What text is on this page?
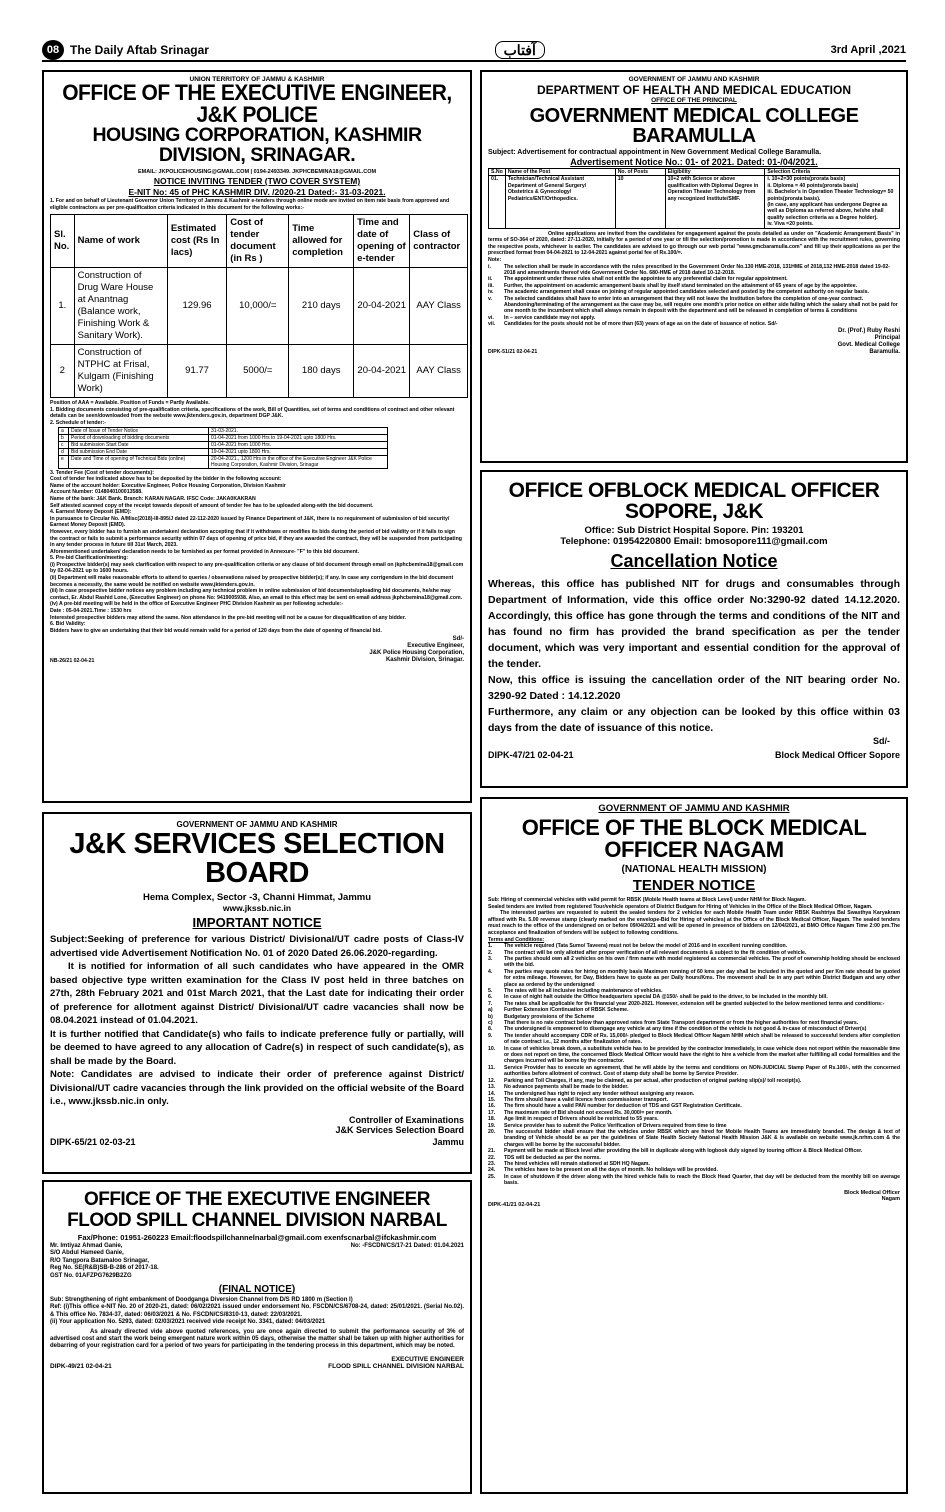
08 The Daily Aftab Srinagar	آفتاب	3rd April ,2021
UNION TERRITORY OF JAMMU & KASHMIR
OFFICE OF THE EXECUTIVE ENGINEER, J&K POLICE
HOUSING CORPORATION, KASHMIR DIVISION, SRINAGAR.
EMAIL: JKPOLICEHOUSING@GMAIL.COM | 0194-2493349. JKPHCBEMINA18@GMAIL.COM
NOTICE INVITING TENDER (TWO COVER SYSTEM)
E-NIT No: 45 of PHC KASHMIR DIV. /2020-21 Dated:- 31-03-2021.
1. For and on behalf of Lieutenant Governor Union Territory of Jammu & Kashmir e-tenders through online mode are invited on item rate basis from approved and eligible contractors as per pre-qualification criteria indicated in this document for the following works:-
Sl. No.	Name of work	Estimated cost (Rs In lacs)	Cost of tender document (in Rs )	Time allowed for completion	Time and date of opening of e-tender	Class of contractor
1.	Construction of Drug Ware House at Anantnag (Balance work, Finishing Work & Sanitary Work).	129.96	10,000/=	210 days	20-04-2021	AAY Class
2	Construction of NTPHC at Frisal, Kulgam (Finishing Work)	91.77	5000/=	180 days	20-04-2021	AAY Class
Position of AAA = Available. Position of Funds = Partly Available.
1. Bidding documents consisting of pre-qualification criteria, specifications of the work, Bill of Quantities, set of terms and conditions of contract and other relevant details can be seen/downloaded from the website www.jktenders.gov.in, department DGP J&K.
2. Schedule of tender:-
a	Date of Issue of Tender Notice	31-03-2021.
b	Period of downloading of bidding documents	01-04-2021 from 1000 Hrs to 19-04-2021 upto 1800 Hrs.
c	Bid submission Start Date	01-04-2021 from 1000 Hrs.
d	Bid submission End Date	19-04-2021 upto 1800 Hrs.
e	Date and Time of opening of Technical Bids (online)	20-04-2021., 1200 Hrs in the office of the Executive Engineer J&K Police Housing Corporation, Kashmir Division, Srinagar
3. Tender Fee (Cost of tender documents):
Cost of tender fee indicated above has to be deposited by the bidder in the following account:
Name of the account holder: Executive Engineer, Police Housing Corporation, Division Kashmir
Account Number: 0148040100013588.
Name of the bank: J&K Bank. Branch: KARAN NAGAR. IFSC Code: JAKA0KAKRAN
Self attested scanned copy of the receipt towards deposit of amount of tender fee has to be uploaded along-with the bid document.
4. Earnest Money Deposit (EMD):
In pursuance to Circular No. A/Misc(2018)-III-895/J dated 22-112-2020 issued by Finance Department of J&K, there is no requirement of submission of bid security/ Earnest Money Deposit (EMD).
However, every bidder has to furnish an undertaken/ declaration accepting that if it withdraws or modifies its bids during the period of bid validity or if it fails to sign the contract or fails to submit a performance security within 07 days of opening of price bid, if they are awarded the contract, they will be suspended from participating in any tender process in future till 31st March, 2023.
Aforementioned undertaken/ declaration needs to be furnished as per format provided in Annexure- "F" to this bid document.
5. Pre-bid Clarification/meeting:
(i) Prospective bidder(s) may seek clarification with respect to any pre-qualification criteria or any clause of bid document through email on jkphcbemina18@gmail.com by 02-04-2021 up to 1600 hours.
(ii) Department will make reasonable efforts to attend to queries / observations raised by prospective bidder(s); if any. In case any corrigendum in the bid document becomes a necessity, the same would be notified on website www.jktenders.gov.in.
(iii) In case prospective bidder notices any problem including any technical problem in online submission of bid documents/uploading bid documents, he/she may contact, Er. Abdul Rashid Lone, (Executive Engineer) on phone No: 9419005938. Also, an email to this effect may be sent on email address jkphcbemina18@gmail.com.
(iv) A pre-bid meeting will be held in the office of Executive Engineer PHC Division Kashmir as per following schedule:-
Date : 05-04-2021.Time : 1530 hrs
Interested prospective bidders may attend the same. Non attendance in the pre-bid meeting will not be a cause for disqualification of any bidder.
6. Bid Validity:
Bidders have to give an undertaking that their bid would remain valid for a period of 120 days from the date of opening of financial bid.
NB-26/21 02-04-21
Sd/-
Executive Engineer,
J&K Police Housing Corporation,
Kashmir Division, Srinagar.
GOVERNMENT OF JAMMU AND KASHMIR
DEPARTMENT OF HEALTH AND MEDICAL EDUCATION
OFFICE OF THE PRINCIPAL
GOVERNMENT MEDICAL COLLEGE BARAMULLA
Subject: Advertisement for contractual appointment in New Government Medical College Baramulla.
Advertisement Notice No.: 01- of 2021. Dated: 01-/04/2021.
S.No	Name of the Post	No. of Posts	Eligibility	Selection Criteria
01.	Technician/Technical Assistant Department of General Surgery/ Obstetrics & Gynecology/ Pediatrics/ENT/Orthopedics.	10	10+2 with Science or above qualification with Diploma/ Degree in Operation Theater Technology from any recognized Institute/SMF.	i. 10+2=30 points(prorata basis)
ii. Diploma = 40 points(prorata basis)
iii. Bachelor's in Operation Theater Technology= 50 points(prorata basis).
(In case, any applicant has undergone Degree as well as Diploma as referred above, he/she shall qualify selection criteria as a Degree holder).
iv. Viva =20 points.
Online applications are invited from the candidates for engagement against the posts detailed as under on "Academic Arrangement Basis" in terms of SO-364 of 2020, dated: 27-11-2020, initially for a period of one year or till the selection/promotion is made in accordance with the recruitment rules, governing the respective posts, whichever is earlier. The candidates are advised to go through our web portal "www.gmcbaramulla.com" and fill up their applications as per the prescribed format from 04-04-2021 to 12-04-2021 against portal fee of Rs.100/=.
Note:
i.	The selection shall be made in accordance with the rules prescribed in the Government Order No.130 HME-2018, 131HME of 2018,132 HME-2018 dated 19-02-2018 and amendments thereof vide Government Order No. 680-HME of 2018 dated 10-12-2018.
ii.	The appointment under these rules shall not entitle the appointee to any preferential claim for regular appointment.
iii.	Further, the appointment on academic arrangement basis shall by itself stand terminated on the attainment of 65 years of age by the appointee.
iv.	The academic arrangement shall cease on joining of regular appointed candidates selected and posted by the competent authority on regular basis.
v.	The selected candidates shall have to enter into an arrangement that they will not leave the Institution before the completion of one-year contract. Abandoning/terminating of the arrangement as the case may be, will require one month's prior notice on either side failing which the salary shall not be paid for one month to the incumbent which shall always remain in deposit with the department and will be released in completion of terms & conditions
vi.	In – service candidate may not apply.
vii.	Candidates for the posts should not be of more than (63) years of age as on the date of issuance of notice. Sd/-
DIPK-51/21 02-04-21
Dr. (Prof.) Ruby Reshi
Principal
Govt. Medical College
Baramulla.
OFFICE OFBLOCK MEDICAL OFFICER SOPORE, J&K
Office: Sub District Hospital Sopore. Pin: 193201
Telephone: 01954220800 Email: bmosopore111@gmail.com
Cancellation Notice
Whereas, this office has published NIT for drugs and consumables through Department of Information, vide this office order No:3290-92 dated 14.12.2020. Accordingly, this office has gone through the terms and conditions of the NIT and has found no firm has provided the brand specification as per the tender document, which was very important and essential condition for the approval of the tender.
Now, this office is issuing the cancellation order of the NIT bearing order No. 3290-92 Dated : 14.12.2020
Furthermore, any claim or any objection can be looked by this office within 03 days from the date of issuance of this notice.
Sd/-
DIPK-47/21 02-04-21	Block Medical Officer Sopore
GOVERNMENT OF JAMMU AND KASHMIR
J&K SERVICES SELECTION BOARD
Hema Complex, Sector -3, Channi Himmat, Jammu
www.jkssb.nic.in
IMPORTANT NOTICE
Subject:Seeking of preference for various District/ Divisional/UT cadre posts of Class-IV advertised vide Advertisement Notification No. 01 of 2020 Dated 26.06.2020-regarding.
It is notified for information of all such candidates who have appeared in the OMR based objective type written examination for the Class IV post held in three batches on 27th, 28th February 2021 and 01st March 2021, that the Last date for indicating their order of preference for allotment against District/ Divisional/UT cadre vacancies shall now be 08.04.2021 instead of 01.04.2021.
It is further notified that Candidate(s) who fails to indicate preference fully or partially, will be deemed to have agreed to any allocation of Cadre(s) in respect of such candidate(s), as shall be made by the Board.
Note: Candidates are advised to indicate their order of preference against District/ Divisional/UT cadre vacancies through the link provided on the official website of the Board i.e., www.jkssb.nic.in only.
Controller of Examinations
J&K Services Selection Board
DIPK-65/21 02-03-21	Jammu
OFFICE OF THE EXECUTIVE ENGINEER
FLOOD SPILL CHANNEL DIVISION NARBAL
Fax/Phone: 01951-260223 Email:floodspillchannelnarbal@gmail.com exenfscnarbal@ifckashmir.com
Mr. Imtiyaz Ahmad Ganie,
S/O Abdul Hameed Ganie,
R/O Tangpora Batamaloo Srinagar,
Reg No. SE(R&B)SB-B-286 of 2017-18.
GST No. 01AFZPG7629B2ZG
No: -FSCDN/CS/17-21 Dated: 01.04.2021
(FINAL NOTICE)
Sub: Strengthening of right embankment of Doodganga Diversion Channel from D/S RD 1800 m (Section I)
Ref: (i)This office e-NIT No. 20 of 2020-21, dated: 06/02/2021 issued under endorsement No. FSCDN/CS/6708-24, dated: 25/01/2021. (Serial No.02). & This office No. 7834-37, dated: 06/03/2021 & No. FSCDN/CS/8310-13, dated: 22/03/2021.
(ii) Your application No. 5293, dated: 02/03/2021 received vide receipt No. 3341, dated: 04/03/2021
As already directed vide above quoted references, you are once again directed to submit the performance security of 3% of advertised cost and start the work being emergent nature work within 05 days, otherwise the matter shall be taken up with higher authorities for debarring of your registration card for a period of two years for participating in the tendering process in this department, which may be noted.
EXECUTIVE ENGINEER
DIPK-49/21 02-04-21	FLOOD SPILL CHANNEL DIVISION NARBAL
GOVERNMENT OF JAMMU AND KASHMIR
OFFICE OF THE BLOCK MEDICAL OFFICER NAGAM
(NATIONAL HEALTH MISSION)
TENDER NOTICE
Sub: Hiring of commercial vehicles with valid permit for RBSK (Mobile Health teams at Block Level) under NHM for Block Nagam.
Sealed tenders are invited from registered Tour/vehicle operators of District Budgam for Hiring of Vehicles in the Office of the Block Medical Officer, Nagam.
The interested parties are requested to submit the sealed tenders for 2 vehicles for each Mobile Health Team under RBSK Rashtriya Bal Swasthya Karyakram affixed with Rs. 5.00 revenue stamp (clearly marked on the envelope-Bid for Hiring of vehicles) at the Office of the Block Medical Officer, Nagam. The sealed tenders must reach to the office of the undersigned on or before 09/04/2021 and will be opened in presence of bidders on 12/04/2021, at BMO Office Nagam Time 2:00 pm.The acceptance and finalization of tenders will be subject to following conditions.
Terms and Conditions:
1.	The vehicle required (Tata Sumo/ Taveera) must not be below the model of 2016 and in excellent running condition.
2.	The contract will be only allotted after proper verification of all relevant documents & subject to the fit condition of vehicle.
3.	The parties should own all 2 vehicles on his own / firm name with model registered as commercial vehicles. The proof of ownership holding should be enclosed with the bid.
4.	The parties may quote rates for hiring on monthly basis Maximum running of 60 kms per day shall be included in the quoted and per Km rate should be quoted for extra mileage. However, for Day, Bidders have to quote as per Daily hours/Kms. The movement shall be in any part within District Budgam and any other place as ordered by the undersigned
5.	The rates will be all inclusive including maintenance of vehicles.
6.	In case of night halt outside the Office headquarters special DA @150/- shall be paid to the driver, to be included in the monthly bill.
7.	The rates shall be applicable for the financial year 2020-2021. However, extension will be granted subjected to the below mentioned terms and conditions:-
a)	Further Extension /Continuation of RBSK Scheme.
b)	Budgetary provisions of the Scheme
c)	That there is no rate contract below than approved rates from State Transport department or from the higher authorities for next financial years.
8.	The undersigned is empowered to disengage any vehicle at any time if the condition of the vehicle is not good & in-case of misconduct of Driver(s)
9.	The tender should accompany CDR of Rs. 15,000/- pledged to Block Medical Officer Nagam NHM which shall be released to successful tenders after completion of rate contract i.e., 12 months after finalization of rates.
10.	In case of vehicles break down, a substitute vehicle has to be provided by the contractor immediately, in case vehicle does not report within the reasonable time or does not report on time, the concerned Block Medical Officer would have the right to hire a vehicle from the market after fulfilling all codal formalities and the charges incurred will be borne by the contractor.
11.	Service Provider has to execute an agreement, that he will abide by the terms and conditions on NON-JUDICIAL Stamp Paper of Rs.100/-, with the concerned authorities before allotment of contract. Cost of stamp duty shall be borne by Service Provider.
12.	Parking and Toll Charges, if any, may be claimed, as per actual, after production of original parking slip(s)/ toll receipt(s).
13.	No advance payments shall be made to the bidder.
14.	The undersigned has right to reject any tender without assigning any reason.
15.	The firm should have a valid licence from commissioner transport.
16.	The firm should have a valid PAN number for deduction of TDS and GST Registration Certificate.
17.	The maximum rate of Bid should not exceed Rs. 30,000/= per month.
18.	Age limit in respect of Drivers should be restricted to 55 years.
19.	Service provider has to submit the Police Verification of Drivers required from time to time
20.	The successful bidder shall ensure that the vehicles under RBSK which are hired for Mobile Health Teams are immediately branded. The design & text of branding of Vehicle should be as per the guidelines of State Health Society National Health Mission J&K & is available on website www.jk.nrhm.com & the charges will be borne by the successful bidder.
21.	Payment will be made at Block level after providing the bill in duplicate along with logbook duly signed by touring officer & Block Medical Officer.
22.	TDS will be deducted as per the norms.
23.	The hired vehicles will remain stationed at SDH HQ Nagam.
24.	The vehicles have to be present on all the days of month. No holidays will be provided.
25.	In case of shutdown if the driver along with the hired vehicle fails to reach the Block Head Quarter, that day will be deducted from the monthly bill on average basis.
Block Medical Officer
Nagam
DIPK-41/21 02-04-21
